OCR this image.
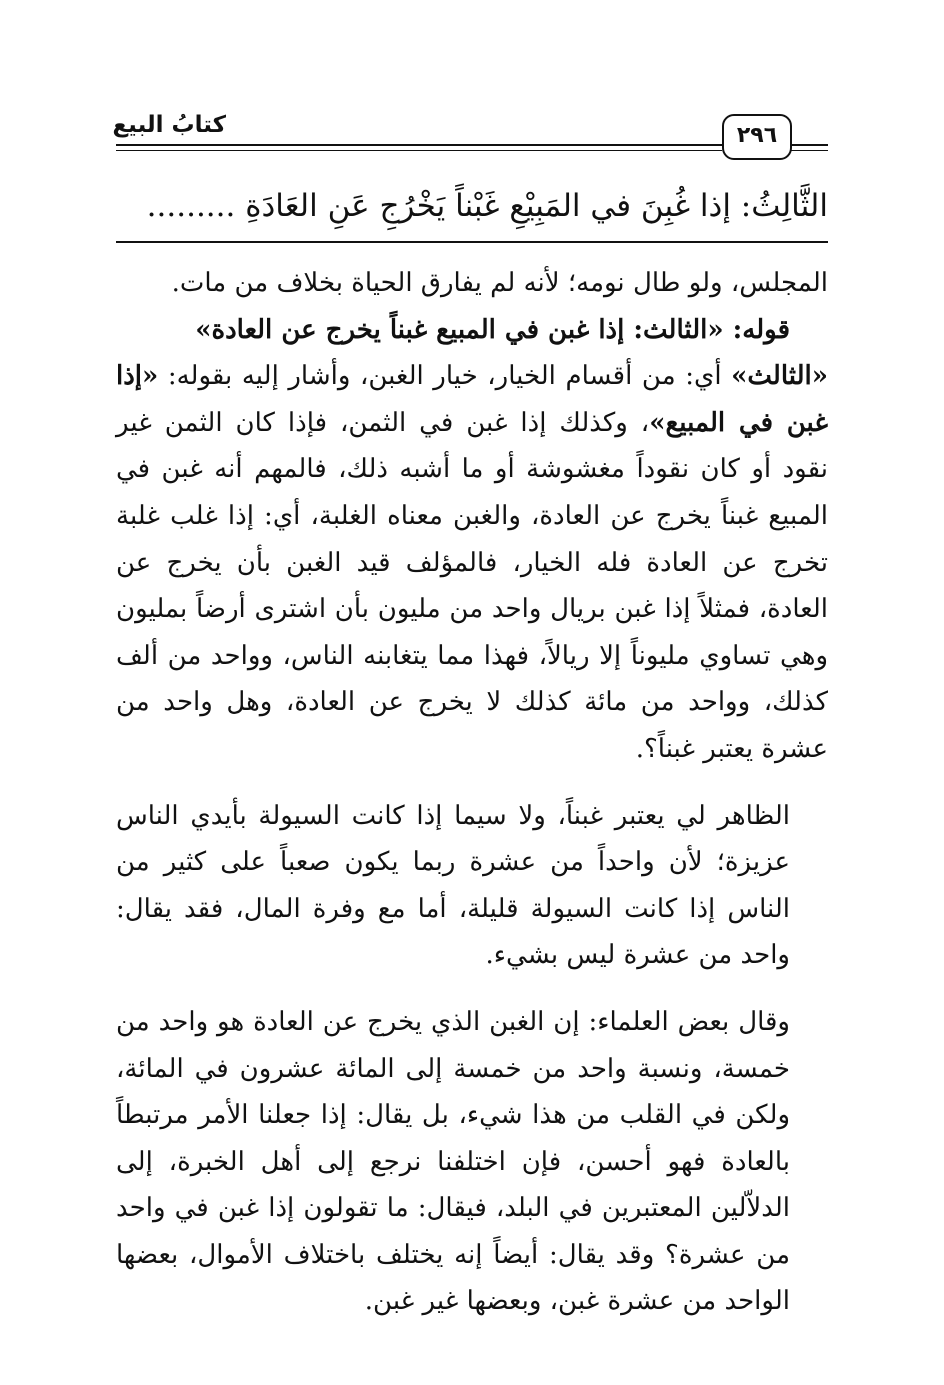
كتابُ البيع	٢٩٦
الثَّالِثُ: إذا غُبِنَ في المَبِيْعِ غَبْناً يَخْرُجِ عَنِ العَادَةِ .........

المجلس، ولو طال نومه؛ لأنه لم يفارق الحياة بخلاف من مات.

قوله: «الثالث: إذا غبن في المبيع غبناً يخرج عن العادة»

«الثالث» أي: من أقسام الخيار، خيار الغبن، وأشار إليه بقوله: «إذا غبن في المبيع»، وكذلك إذا غبن في الثمن، فإذا كان الثمن غير نقود أو كان نقوداً مغشوشة أو ما أشبه ذلك، فالمهم أنه غبن في المبيع غبناً يخرج عن العادة، والغبن معناه الغلبة، أي: إذا غلب غلبة تخرج عن العادة فله الخيار، فالمؤلف قيد الغبن بأن يخرج عن العادة، فمثلاً إذا غبن بريال واحد من مليون بأن اشترى أرضاً بمليون وهي تساوي مليوناً إلا ريالاً، فهذا مما يتغابنه الناس، وواحد من ألف كذلك، وواحد من مائة كذلك لا يخرج عن العادة، وهل واحد من عشرة يعتبر غبناً؟.

الظاهر لي يعتبر غبناً، ولا سيما إذا كانت السيولة بأيدي الناس عزيزة؛ لأن واحداً من عشرة ربما يكون صعباً على كثير من الناس إذا كانت السيولة قليلة، أما مع وفرة المال، فقد يقال: واحد من عشرة ليس بشيء.

وقال بعض العلماء: إن الغبن الذي يخرج عن العادة هو واحد من خمسة، ونسبة واحد من خمسة إلى المائة عشرون في المائة، ولكن في القلب من هذا شيء، بل يقال: إذا جعلنا الأمر مرتبطاً بالعادة فهو أحسن، فإن اختلفنا نرجع إلى أهل الخبرة، إلى الدلاّلين المعتبرين في البلد، فيقال: ما تقولون إذا غبن في واحد من عشرة؟ وقد يقال: أيضاً إنه يختلف باختلاف الأموال، بعضها الواحد من عشرة غبن، وبعضها غير غبن.
